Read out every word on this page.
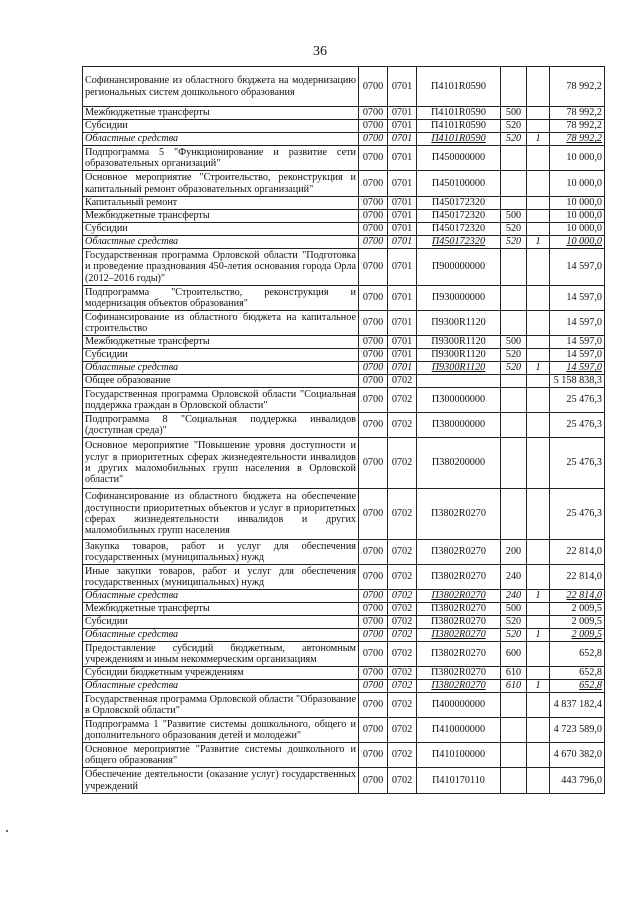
36
Софинансирование из областного бюджета на модернизацию региональных систем дошкольного образования	0700	0701	П4101R0590			78 992,2
Межбюджетные трансферты	0700	0701	П4101R0590	500		78 992,2
Субсидии	0700	0701	П4101R0590	520		78 992,2
Областные средства	0700	0701	П4101R0590	520	1	78 992,2
Подпрограмма 5 "Функционирование и развитие сети образовательных организаций"	0700	0701	П450000000			10 000,0
Основное мероприятие "Строительство, реконструкция и капитальный ремонт образовательных организаций"	0700	0701	П450100000			10 000,0
Капитальный ремонт	0700	0701	П450172320			10 000,0
Межбюджетные трансферты	0700	0701	П450172320	500		10 000,0
Субсидии	0700	0701	П450172320	520		10 000,0
Областные средства	0700	0701	П450172320	520	1	10 000,0
Государственная программа Орловской области "Подготовка и проведение празднования 450-летия основания города Орла (2012–2016 годы)"	0700	0701	П900000000			14 597,0
Подпрограмма "Строительство, реконструкция и модернизация объектов образования"	0700	0701	П930000000			14 597,0
Софинансирование из областного бюджета на капитальное строительство	0700	0701	П9300R1120			14 597,0
Межбюджетные трансферты	0700	0701	П9300R1120	500		14 597,0
Субсидии	0700	0701	П9300R1120	520		14 597,0
Областные средства	0700	0701	П9300R1120	520	1	14 597,0
Общее образование	0700	0702				5 158 838,3
Государственная программа Орловской области "Социальная поддержка граждан в Орловской области"	0700	0702	П300000000			25 476,3
Подпрограмма 8 "Социальная поддержка инвалидов (доступная среда)"	0700	0702	П380000000			25 476,3
Основное мероприятие "Повышение уровня доступности и услуг в приоритетных сферах жизнедеятельности инвалидов и других маломобильных групп населения в Орловской области"	0700	0702	П380200000			25 476,3
Софинансирование из областного бюджета на обеспечение доступности приоритетных объектов и услуг в приоритетных сферах жизнедеятельности инвалидов и других маломобильных групп населения	0700	0702	П3802R0270			25 476,3
Закупка товаров, работ и услуг для обеспечения государственных (муниципальных) нужд	0700	0702	П3802R0270	200		22 814,0
Иные закупки товаров, работ и услуг для обеспечения государственных (муниципальных) нужд	0700	0702	П3802R0270	240		22 814,0
Областные средства	0700	0702	П3802R0270	240	1	22 814,0
Межбюджетные трансферты	0700	0702	П3802R0270	500		2 009,5
Субсидии	0700	0702	П3802R0270	520		2 009,5
Областные средства	0700	0702	П3802R0270	520	1	2 009,5
Предоставление субсидий бюджетным, автономным учреждениям и иным некоммерческим организациям	0700	0702	П3802R0270	600		652,8
Субсидии бюджетным учреждениям	0700	0702	П3802R0270	610		652,8
Областные средства	0700	0702	П3802R0270	610	1	652,8
Государственная программа Орловской области "Образование в Орловской области"	0700	0702	П400000000			4 837 182,4
Подпрограмма 1 "Развитие системы дошкольного, общего и дополнительного образования детей и молодежи"	0700	0702	П410000000			4 723 589,0
Основное мероприятие "Развитие системы дошкольного и общего образования"	0700	0702	П410100000			4 670 382,0
Обеспечение деятельности (оказание услуг) государственных учреждений	0700	0702	П410170110			443 796,0
